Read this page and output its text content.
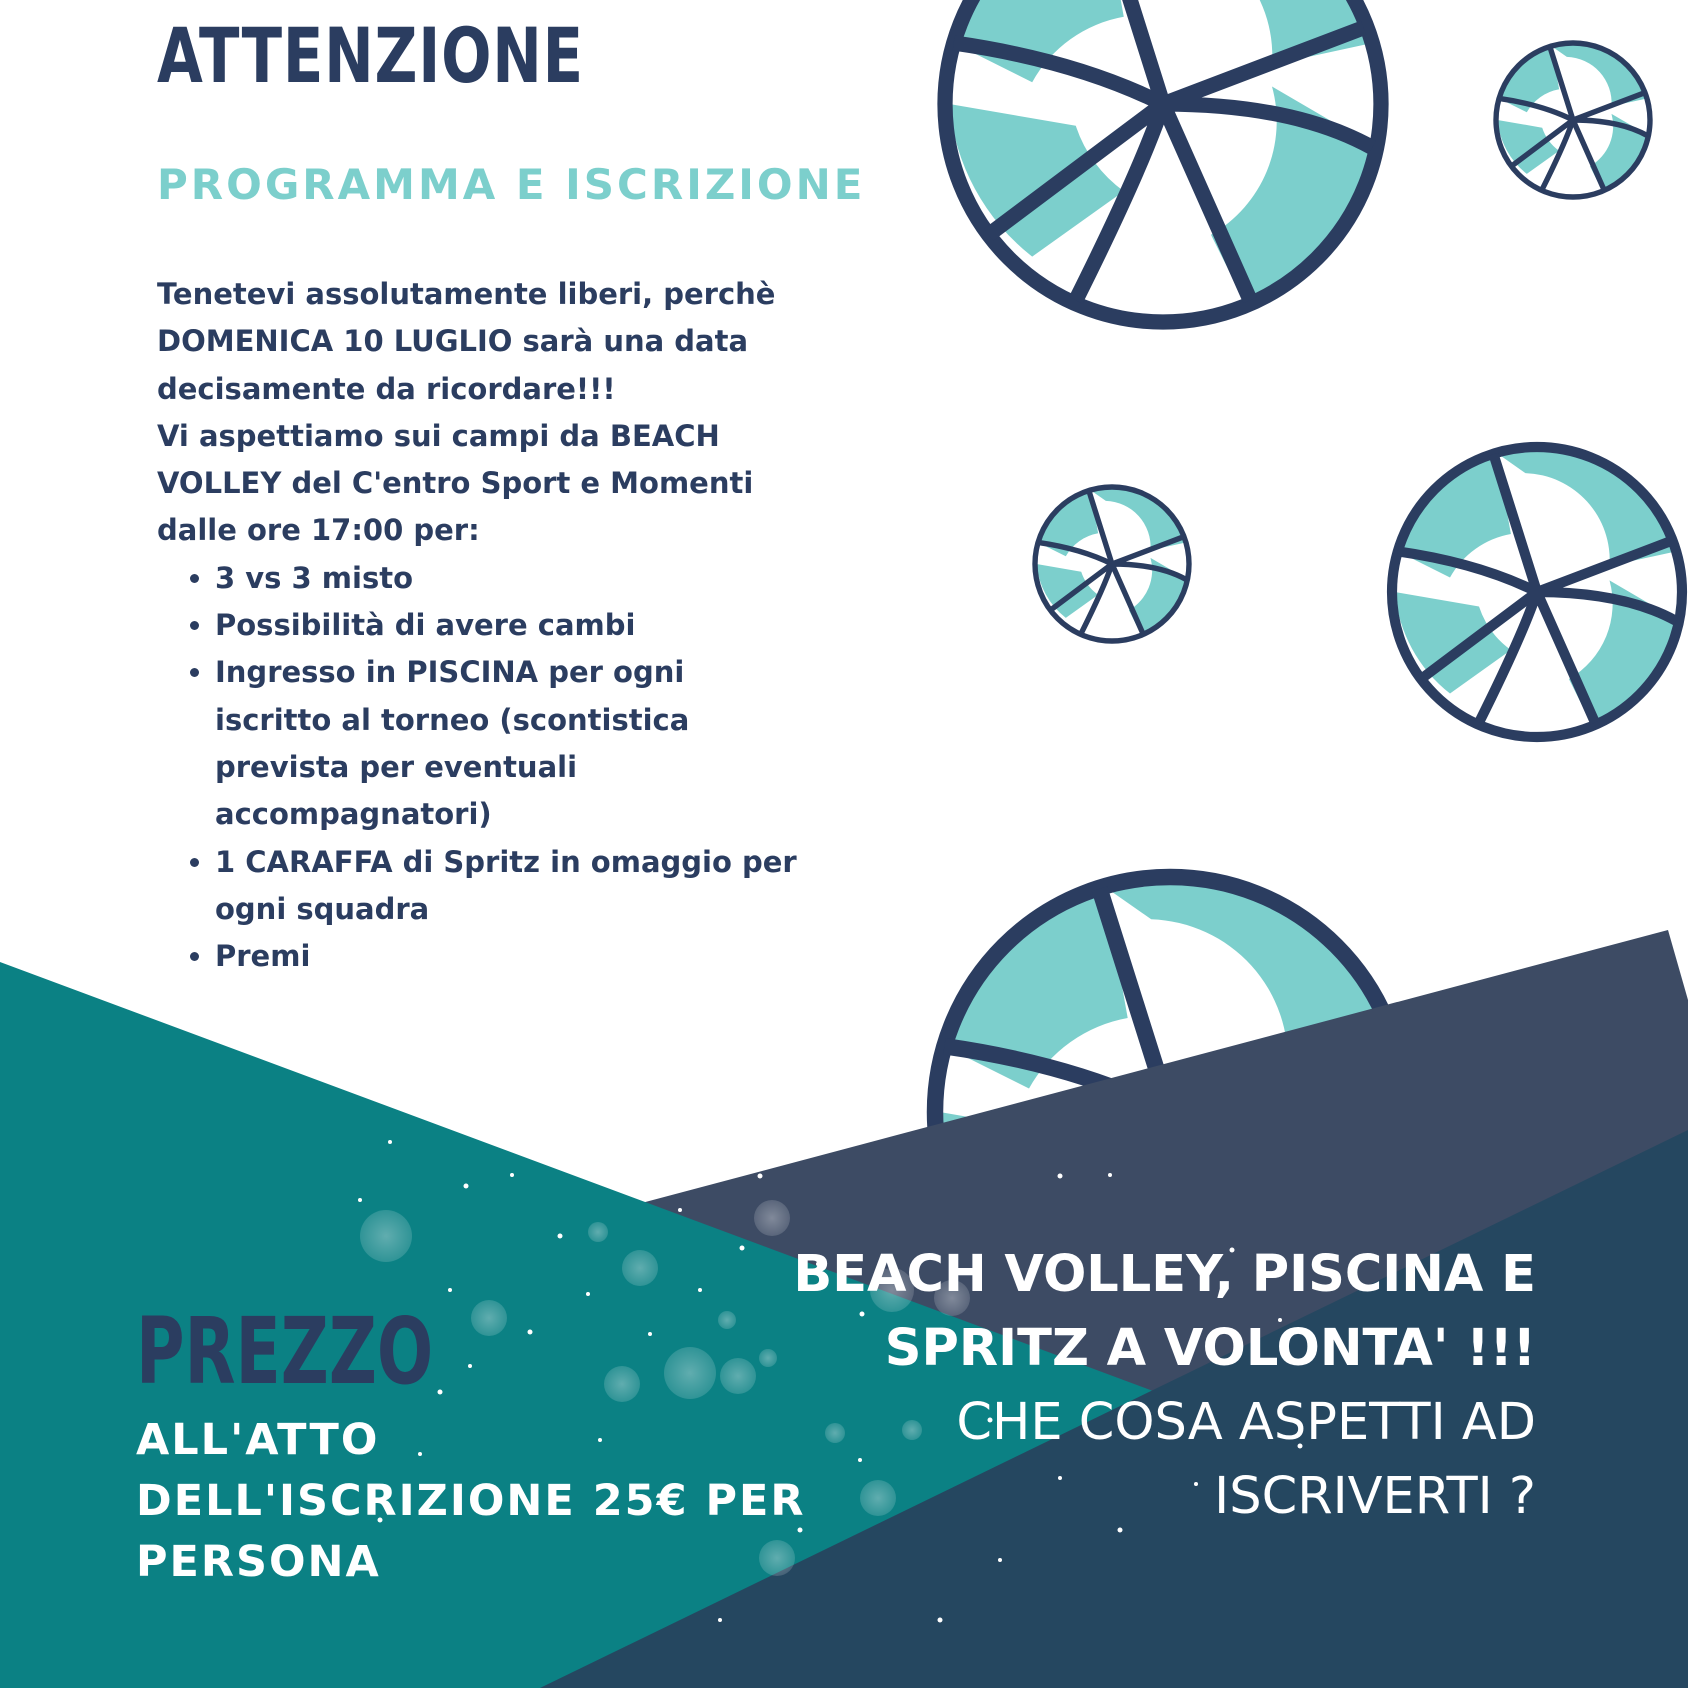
ATTENZIONE
PROGRAMMA E ISCRIZIONE

Tenetevi assolutamente liberi, perchè DOMENICA 10 LUGLIO sarà una data decisamente da ricordare!!!

Vi aspettiamo sui campi da BEACH VOLLEY del C'entro Sport e Momenti dalle ore 17:00 per:

• 3 vs 3 misto
• Possibilità di avere cambi
• Ingresso in PISCINA per ogni iscritto al torneo (scontistica prevista per eventuali accompagnatori)
• 1 CARAFFA di Spritz in omaggio per ogni squadra
• Premi
PREZZO

ALL'ATTO DELL'ISCRIZIONE 25€ PER PERSONA

BEACH VOLLEY, PISCINA E SPRITZ A VOLONTA' !!!

CHE COSA ASPETTI AD ISCRIVERTI ?
